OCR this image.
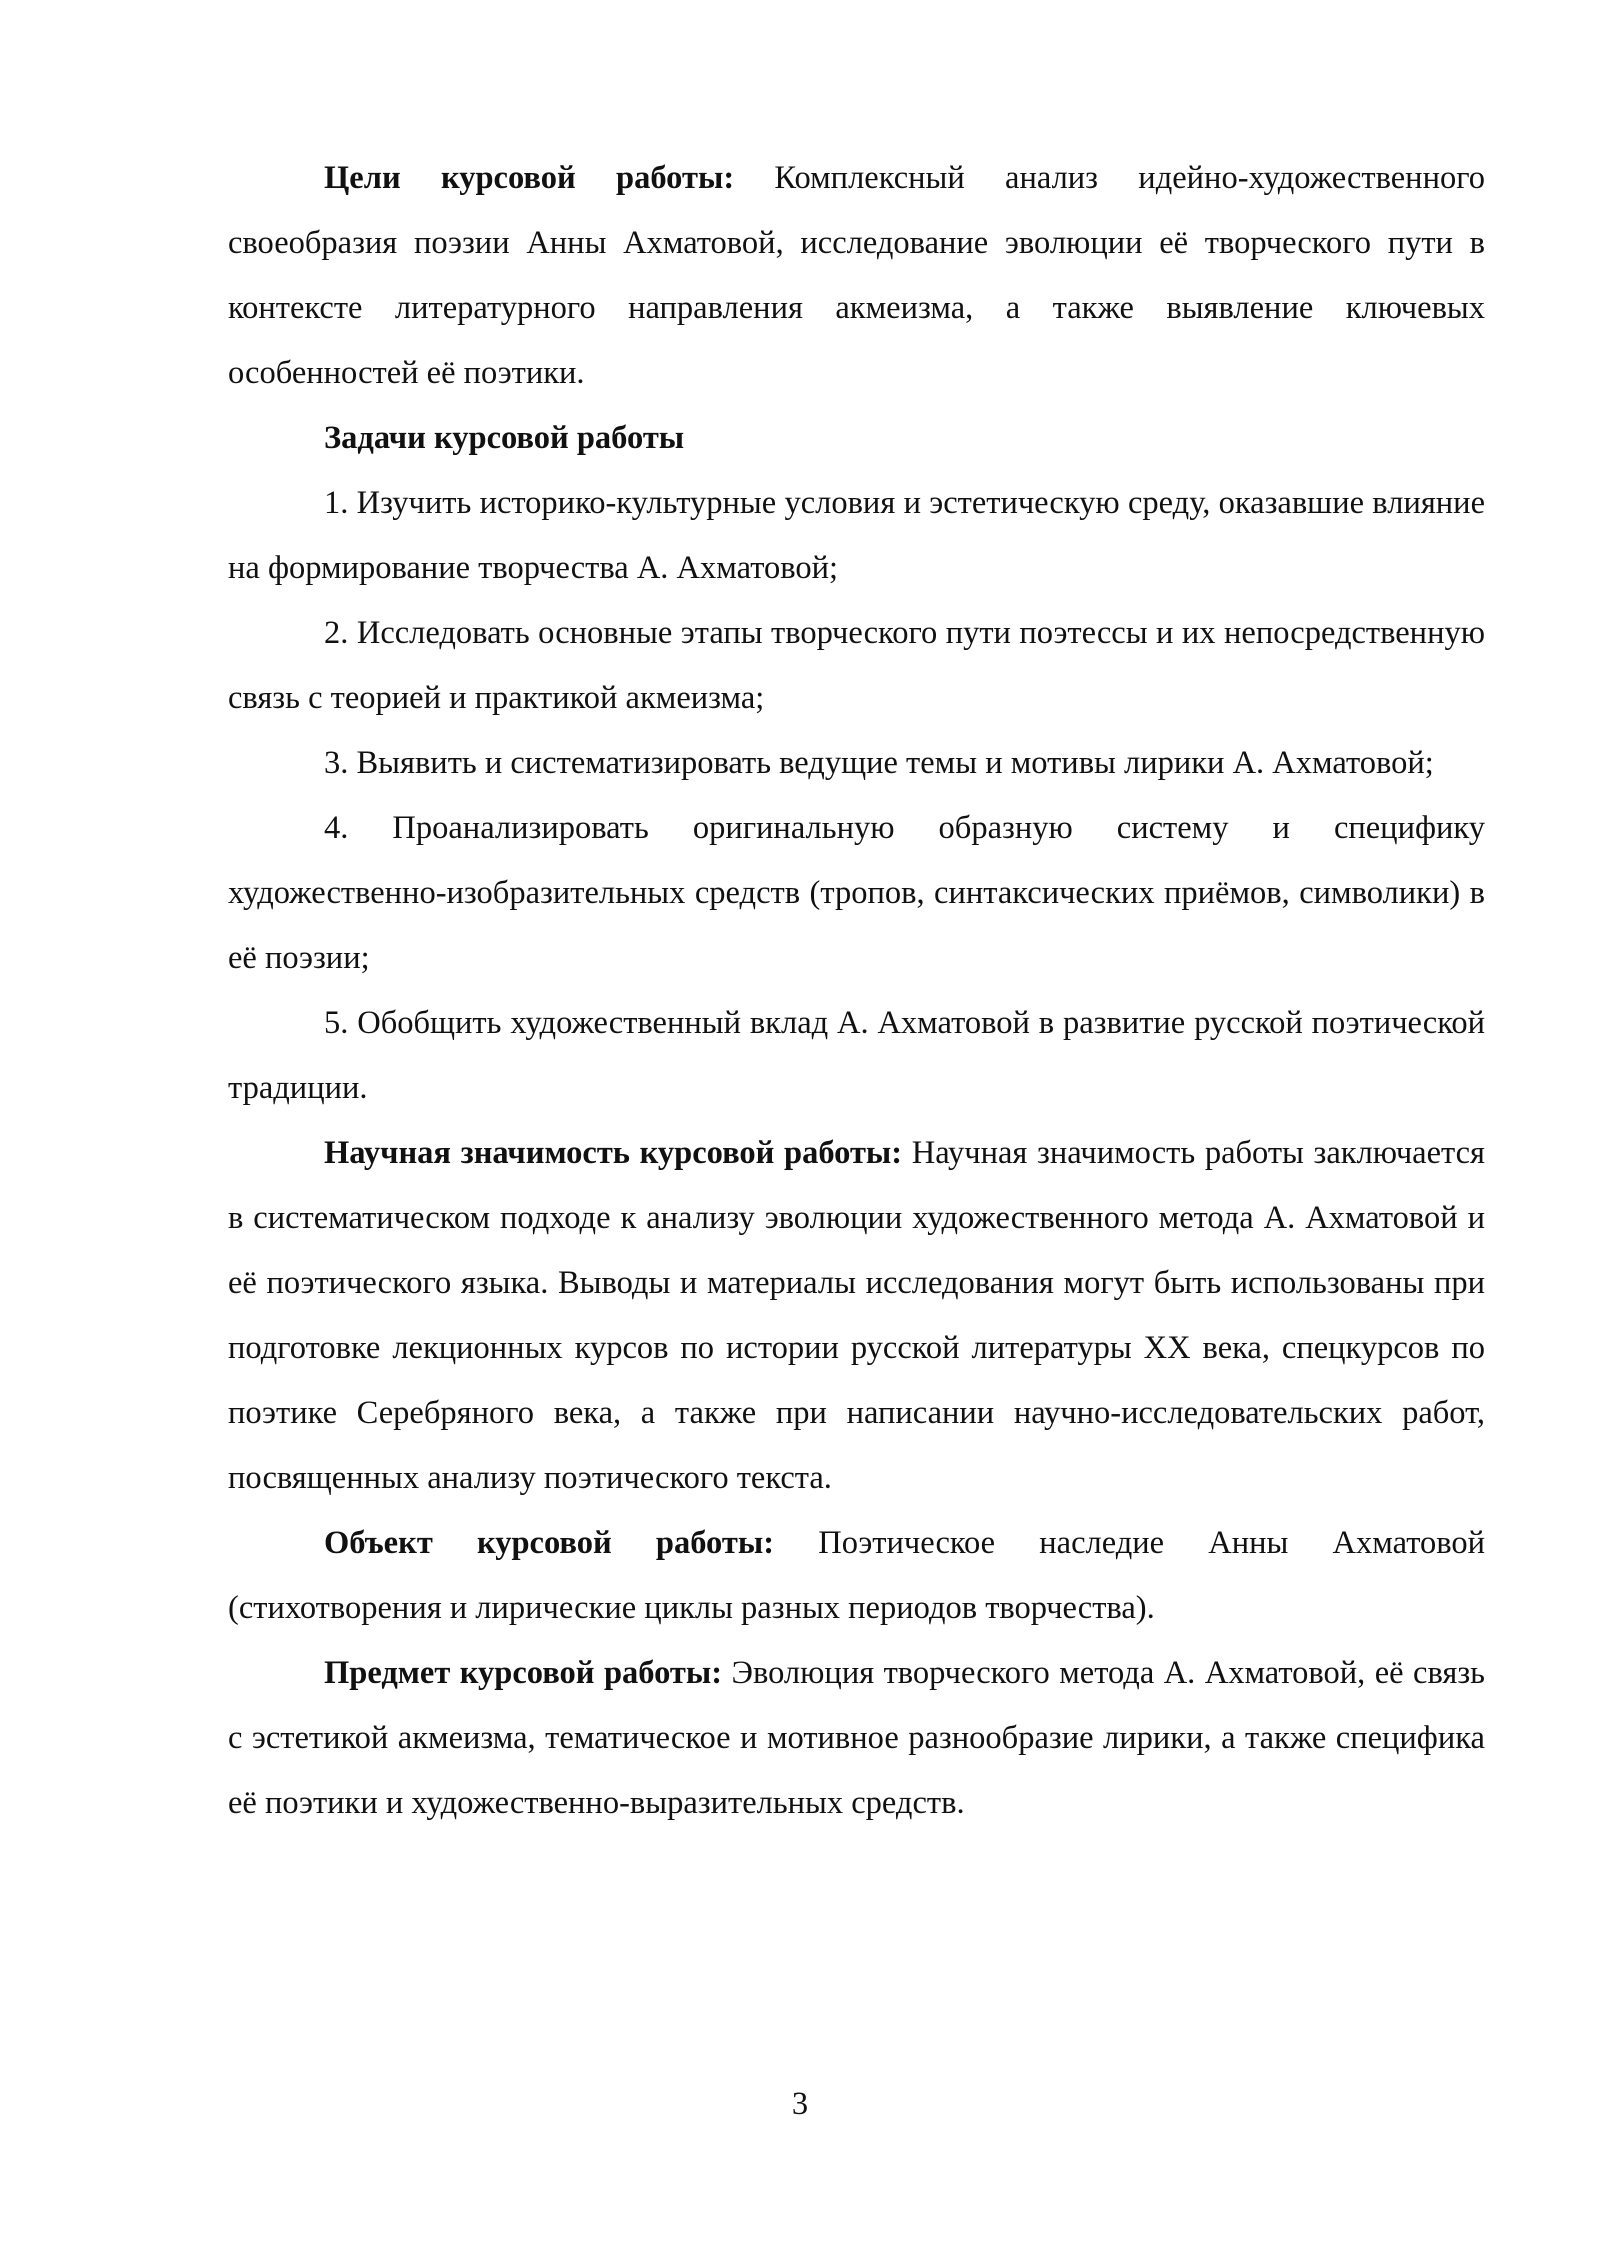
Цели курсовой работы: Комплексный анализ идейно-художественного своеобразия поэзии Анны Ахматовой, исследование эволюции её творческого пути в контексте литературного направления акмеизма, а также выявление ключевых особенностей её поэтики.

Задачи курсовой работы

1. Изучить историко-культурные условия и эстетическую среду, оказавшие влияние на формирование творчества А. Ахматовой;

2. Исследовать основные этапы творческого пути поэтессы и их непосредственную связь с теорией и практикой акмеизма;

3. Выявить и систематизировать ведущие темы и мотивы лирики А. Ахматовой;

4. Проанализировать оригинальную образную систему и специфику художественно-изобразительных средств (тропов, синтаксических приёмов, символики) в её поэзии;

5. Обобщить художественный вклад А. Ахматовой в развитие русской поэтической традиции.

Научная значимость курсовой работы: Научная значимость работы заключается в систематическом подходе к анализу эволюции художественного метода А. Ахматовой и её поэтического языка. Выводы и материалы исследования могут быть использованы при подготовке лекционных курсов по истории русской литературы XX века, спецкурсов по поэтике Серебряного века, а также при написании научно-исследовательских работ, посвященных анализу поэтического текста.

Объект курсовой работы: Поэтическое наследие Анны Ахматовой (стихотворения и лирические циклы разных периодов творчества).

Предмет курсовой работы: Эволюция творческого метода А. Ахматовой, её связь с эстетикой акмеизма, тематическое и мотивное разнообразие лирики, а также специфика её поэтики и художественно-выразительных средств.

3
